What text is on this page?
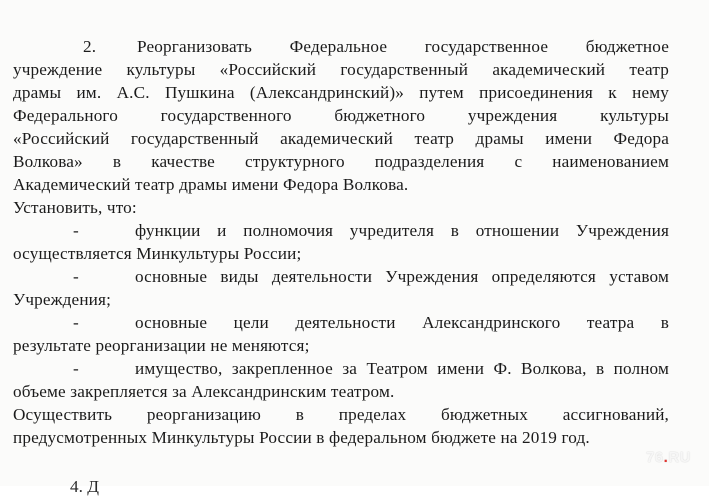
2. Реорганизовать Федеральное государственное бюджетное
учреждение культуры «Российский государственный академический театр
драмы им. А.С. Пушкина (Александринский)» путем присоединения к нему
Федерального государственного бюджетного учреждения культуры
«Российский государственный академический театр драмы имени Федора
Волкова» в качестве структурного подразделения с наименованием
Академический театр драмы имени Федора Волкова.
Установить, что:
-	функции и полномочия учредителя в отношении Учреждения
осуществляется Минкультуры России;
-	основные виды деятельности Учреждения определяются уставом
Учреждения;
-	основные цели деятельности Александринского театра в
результате реорганизации не меняются;
-	имущество, закрепленное за Театром имени Ф. Волкова, в полном
объеме закрепляется за Александринским театром.
Осуществить реорганизацию в пределах бюджетных ассигнований,
предусмотренных Минкультуры России в федеральном бюджете на 2019 год.
4. Д
76.RU
